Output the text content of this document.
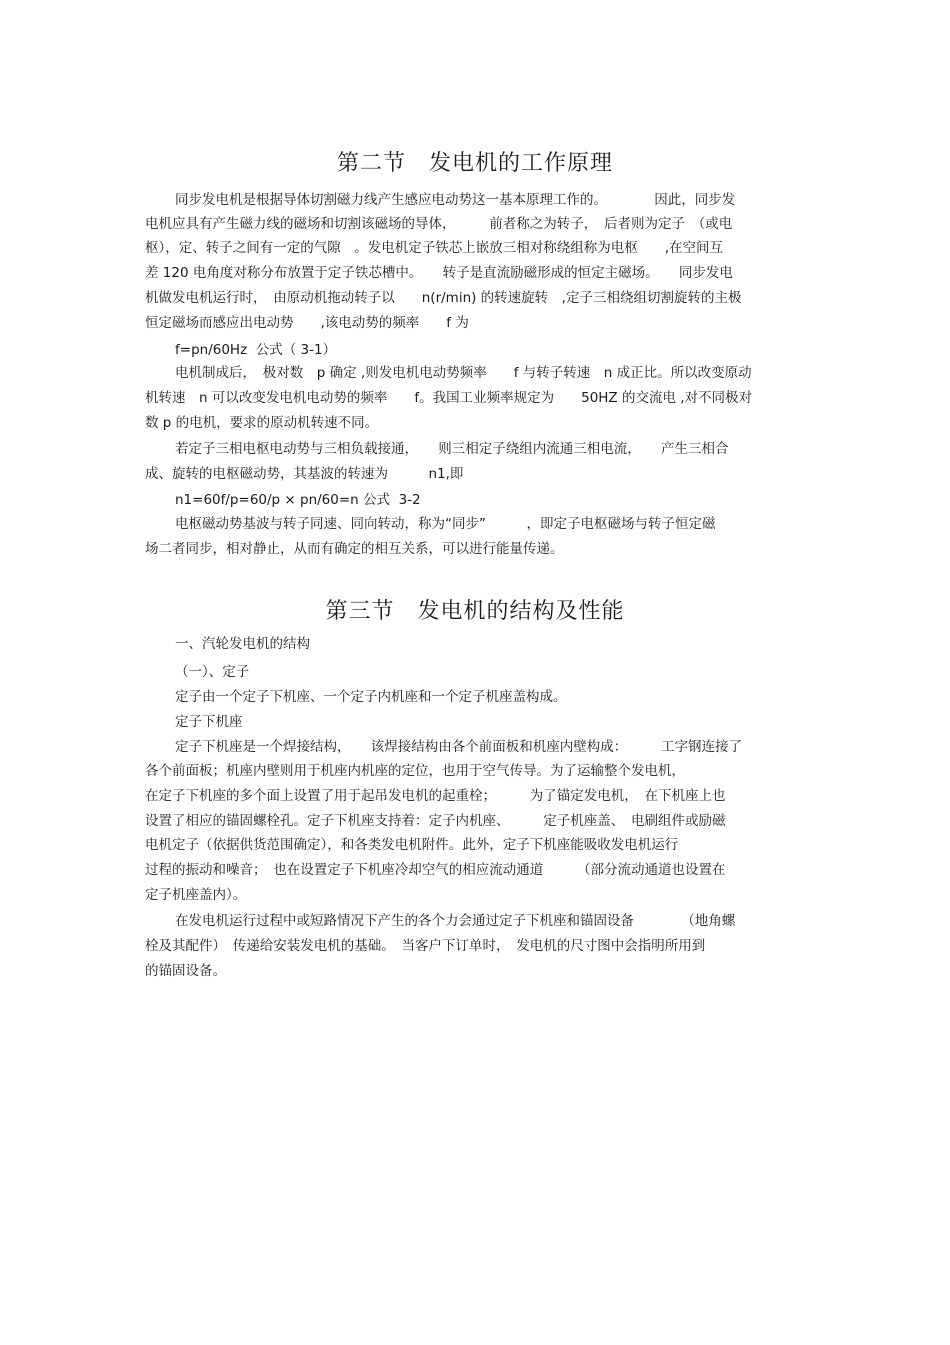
第二节　发电机的工作原理

同步发电机是根据导体切割磁力线产生感应电动势这一基本原理工作的。　　　　因此，同步发

电机应具有产生磁力线的磁场和切割该磁场的导体，　　　前者称之为转子，　后者则为定子　（或电

枢），定、转子之间有一定的气隙　。发电机定子铁芯上嵌放三相对称绕组称为电枢　　,在空间互

差 120 电角度对称分布放置于定子铁芯槽中。　　转子是直流励磁形成的恒定主磁场。　　同步发电

机做发电机运行时，　由原动机拖动转子以　　n(r/min) 的转速旋转　,定子三相绕组切割旋转的主极

恒定磁场而感应出电动势　　,该电动势的频率　　f 为

f=pn/60Hz  公式（ 3-1）

电机制成后，　极对数　p 确定 ,则发电机电动势频率　　f 与转子转速　n 成正比。所以改变原动

机转速　n 可以改变发电机电动势的频率　　f。我国工业频率规定为　　50HZ 的交流电 ,对不同极对

数 p 的电机，要求的原动机转速不同。

若定子三相电枢电动势与三相负载接通，　　则三相定子绕组内流通三相电流，　　产生三相合

成、旋转的电枢磁动势，其基波的转速为　　　n1,即

n1=60f/p=60/p × pn/60=n 公式  3-2

电枢磁动势基波与转子同速、同向转动，称为“同步”　　　，即定子电枢磁场与转子恒定磁

场二者同步，相对静止，从而有确定的相互关系，可以进行能量传递。

第三节　发电机的结构及性能

一、汽轮发电机的结构

（一）、定子

定子由一个定子下机座、一个定子内机座和一个定子机座盖构成。

定子下机座

定子下机座是一个焊接结构，　　该焊接结构由各个前面板和机座内壁构成：　　　工字钢连接了

各个前面板；机座内壁则用于机座内机座的定位，也用于空气传导。为了运输整个发电机，

在定子下机座的多个面上设置了用于起吊发电机的起重栓；　　　为了锚定发电机，　在下机座上也

设置了相应的锚固螺栓孔。定子下机座支持着：定子内机座、　　　定子机座盖、　电刷组件或励磁

电机定子（依据供货范围确定），和各类发电机附件。此外，定子下机座能吸收发电机运行

过程的振动和噪音；　也在设置定子下机座冷却空气的相应流动通道　　　（部分流动通道也设置在

定子机座盖内）。

在发电机运行过程中或短路情况下产生的各个力会通过定子下机座和锚固设备　　　　（地角螺

栓及其配件）　传递给安装发电机的基础。　当客户下订单时，　发电机的尺寸图中会指明所用到

的锚固设备。
